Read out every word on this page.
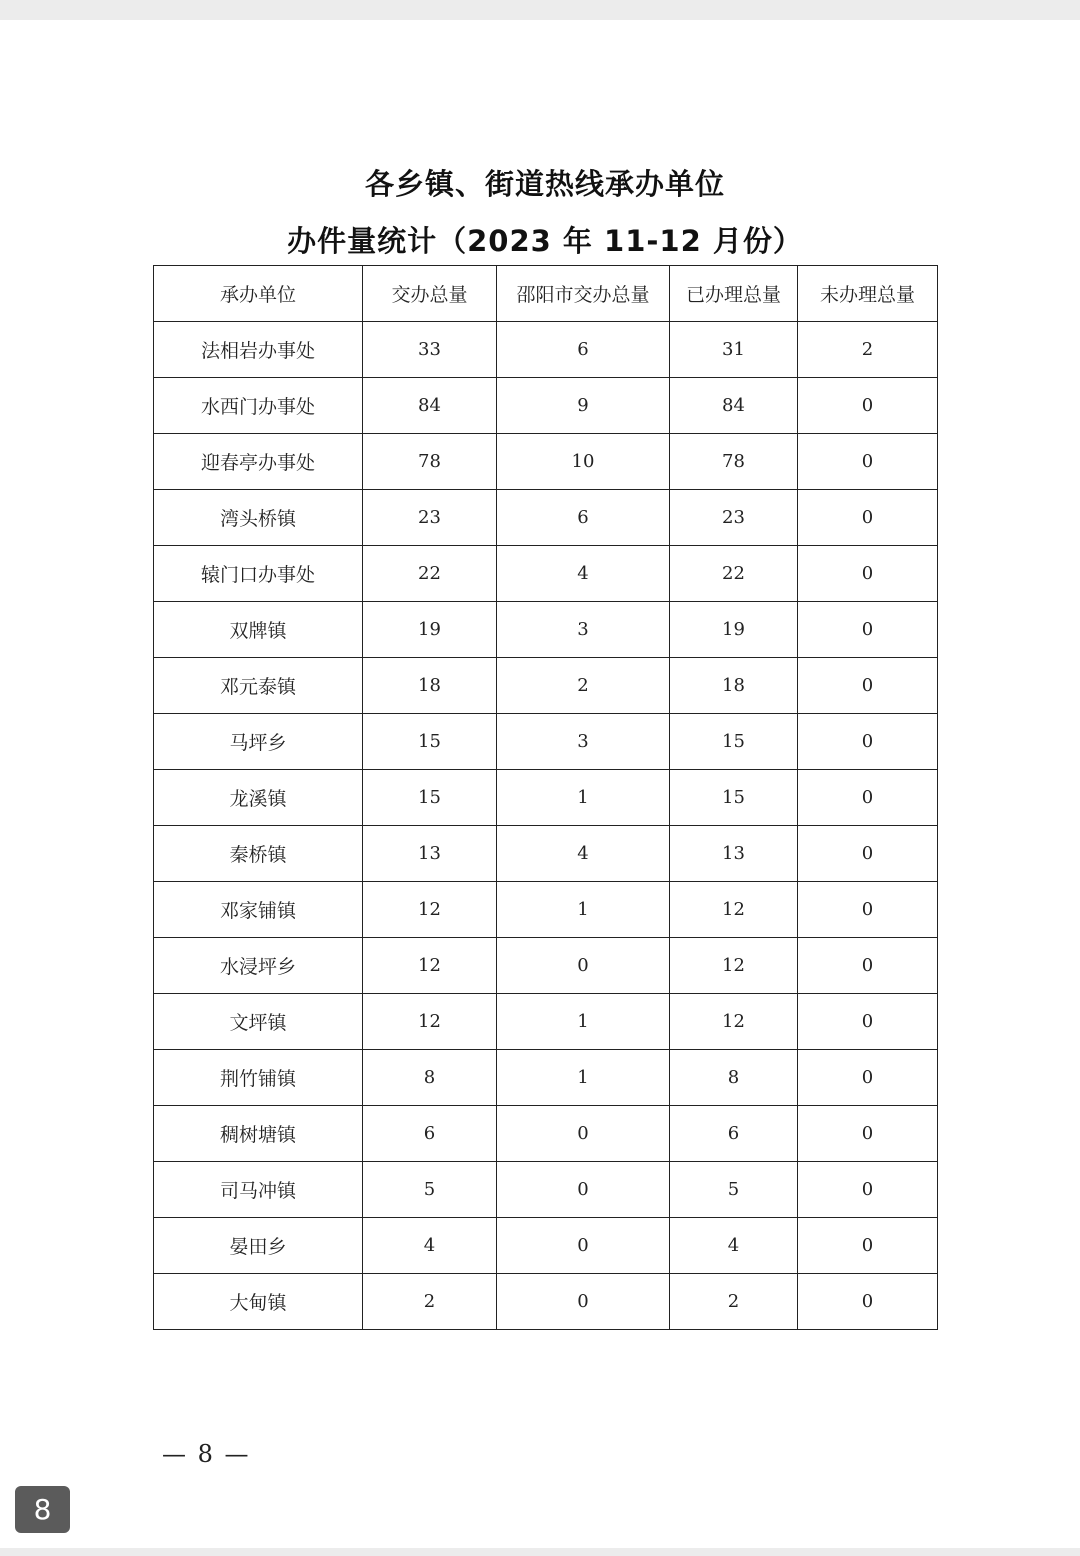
各乡镇、街道热线承办单位
办件量统计（2023 年 11-12 月份）
承办单位	交办总量	邵阳市交办总量	已办理总量	未办理总量
法相岩办事处	33	6	31	2
水西门办事处	84	9	84	0
迎春亭办事处	78	10	78	0
湾头桥镇	23	6	23	0
辕门口办事处	22	4	22	0
双牌镇	19	3	19	0
邓元泰镇	18	2	18	0
马坪乡	15	3	15	0
龙溪镇	15	1	15	0
秦桥镇	13	4	13	0
邓家铺镇	12	1	12	0
水浸坪乡	12	0	12	0
文坪镇	12	1	12	0
荆竹铺镇	8	1	8	0
稠树塘镇	6	0	6	0
司马冲镇	5	0	5	0
晏田乡	4	0	4	0
大甸镇	2	0	2	0
— 8 —
8
